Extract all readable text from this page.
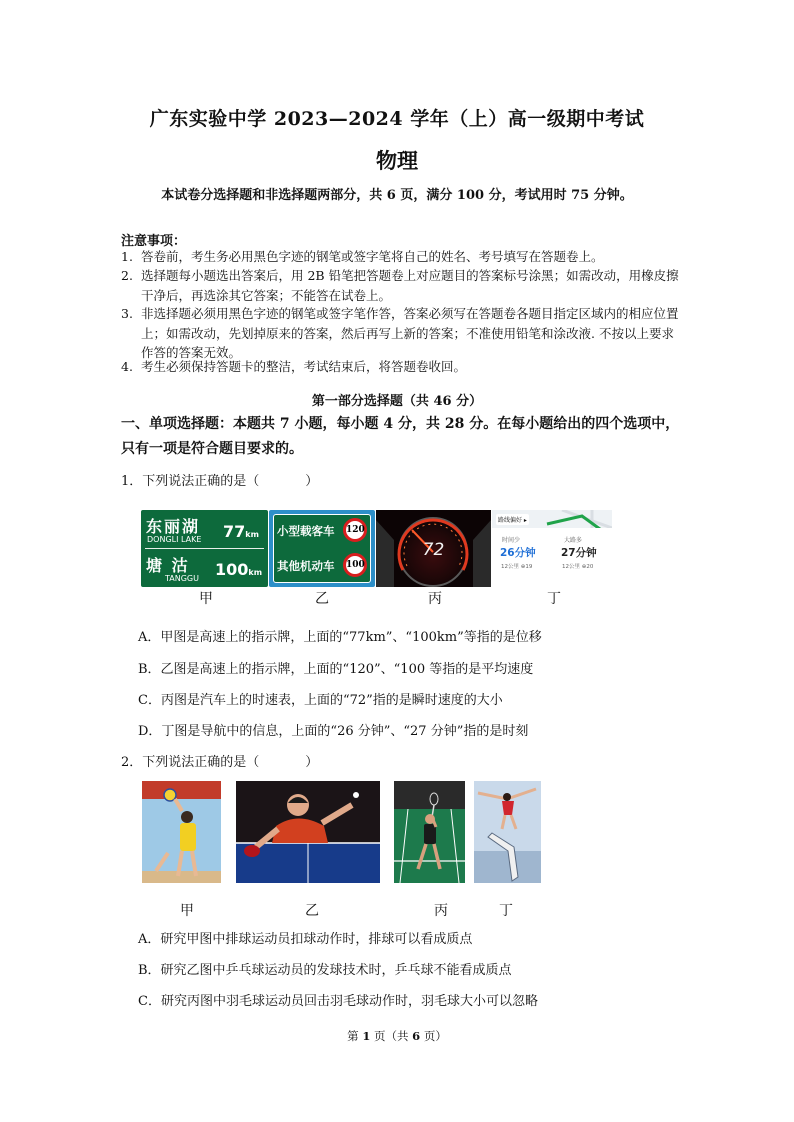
广东实验中学 2023—2024 学年（上）高一级期中考试
物理
本试卷分选择题和非选择题两部分，共 6 页，满分 100 分，考试用时 75 分钟。
注意事项：
1. 答卷前，考生务必用黑色字迹的钢笔或签字笔将自己的姓名、考号填写在答题卷上。
2. 选择题每小题选出答案后，用 2B 铅笔把答题卷上对应题目的答案标号涂黑；如需改动，用橡皮擦干净后，再选涂其它答案；不能答在试卷上。
3. 非选择题必须用黑色字迹的钢笔或签字笔作答，答案必须写在答题卷各题目指定区域内的相应位置上；如需改动，先划掉原来的答案，然后再写上新的答案；不准使用铅笔和涂改液. 不按以上要求作答的答案无效。
4. 考生必须保持答题卡的整洁，考试结束后，将答题卷收回。
第一部分选择题（共 46 分）
一、单项选择题：本题共 7 小题，每小题 4 分，共 28 分。在每小题给出的四个选项中，只有一项是符合题目要求的。
1．下列说法正确的是（	）
东丽湖
DONGLI LAKE 77km
塘 沽
TANGGU 100km
小型载客车	120
其他机动车	100
72
路线偏好 ▸
时间少
26分钟
12公里 ⊕19
大路多
27分钟
12公里 ⊕20
甲	乙	丙	丁
A．甲图是高速上的指示牌，上面的“77km”、“100km”等指的是位移
B．乙图是高速上的指示牌，上面的“120”、“100 等指的是平均速度
C．丙图是汽车上的时速表，上面的“72”指的是瞬时速度的大小
D．丁图是导航中的信息，上面的“26 分钟”、“27 分钟”指的是时刻
2．下列说法正确的是（	）
甲	乙	丙	丁
A．研究甲图中排球运动员扣球动作时，排球可以看成质点
B．研究乙图中乒乓球运动员的发球技术时，乒乓球不能看成质点
C．研究丙图中羽毛球运动员回击羽毛球动作时，羽毛球大小可以忽略
第 1 页（共 6 页）
